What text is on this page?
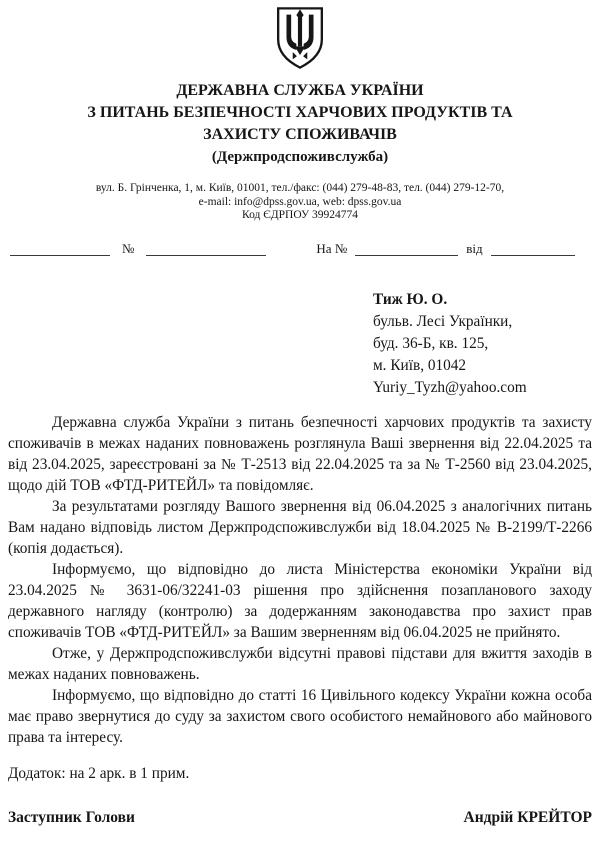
ДЕРЖАВНА СЛУЖБА УКРАЇНИ
З ПИТАНЬ БЕЗПЕЧНОСТІ ХАРЧОВИХ ПРОДУКТІВ ТА
ЗАХИСТУ СПОЖИВАЧІВ
(Держпродспоживслужба)
вул. Б. Грінченка, 1, м. Київ, 01001, тел./факс: (044) 279-48-83, тел. (044) 279-12-70,
e-mail: info@dpss.gov.ua, web: dpss.gov.ua
Код ЄДРПОУ 39924774
№	На №	від
Тиж Ю. О.
бульв. Лесі Українки,
буд. 36-Б, кв. 125,
м. Київ, 01042
Yuriy_Tyzh@yahoo.com

Державна служба України з питань безпечності харчових продуктів та захисту споживачів в межах наданих повноважень розглянула Ваші звернення від 22.04.2025 та від 23.04.2025, зареєстровані за № Т-2513 від 22.04.2025 та за № Т-2560 від 23.04.2025, щодо дій ТОВ «ФТД-РИТЕЙЛ» та повідомляє.

За результатами розгляду Вашого звернення від 06.04.2025 з аналогічних питань Вам надано відповідь листом Держпродспоживслужби від 18.04.2025 № В-2199/Т-2266 (копія додається).

Інформуємо, що відповідно до листа Міністерства економіки України від 23.04.2025 № 3631-06/32241-03 рішення про здійснення позапланового заходу державного нагляду (контролю) за додержанням законодавства про захист прав споживачів ТОВ «ФТД-РИТЕЙЛ» за Вашим зверненням від 06.04.2025 не прийнято.

Отже, у Держпродспоживслужби відсутні правові підстави для вжиття заходів в межах наданих повноважень.

Інформуємо, що відповідно до статті 16 Цивільного кодексу України кожна особа має право звернутися до суду за захистом свого особистого немайнового або майнового права та інтересу.

Додаток: на 2 арк. в 1 прим.
Заступник Голови	Андрій КРЕЙТОР
